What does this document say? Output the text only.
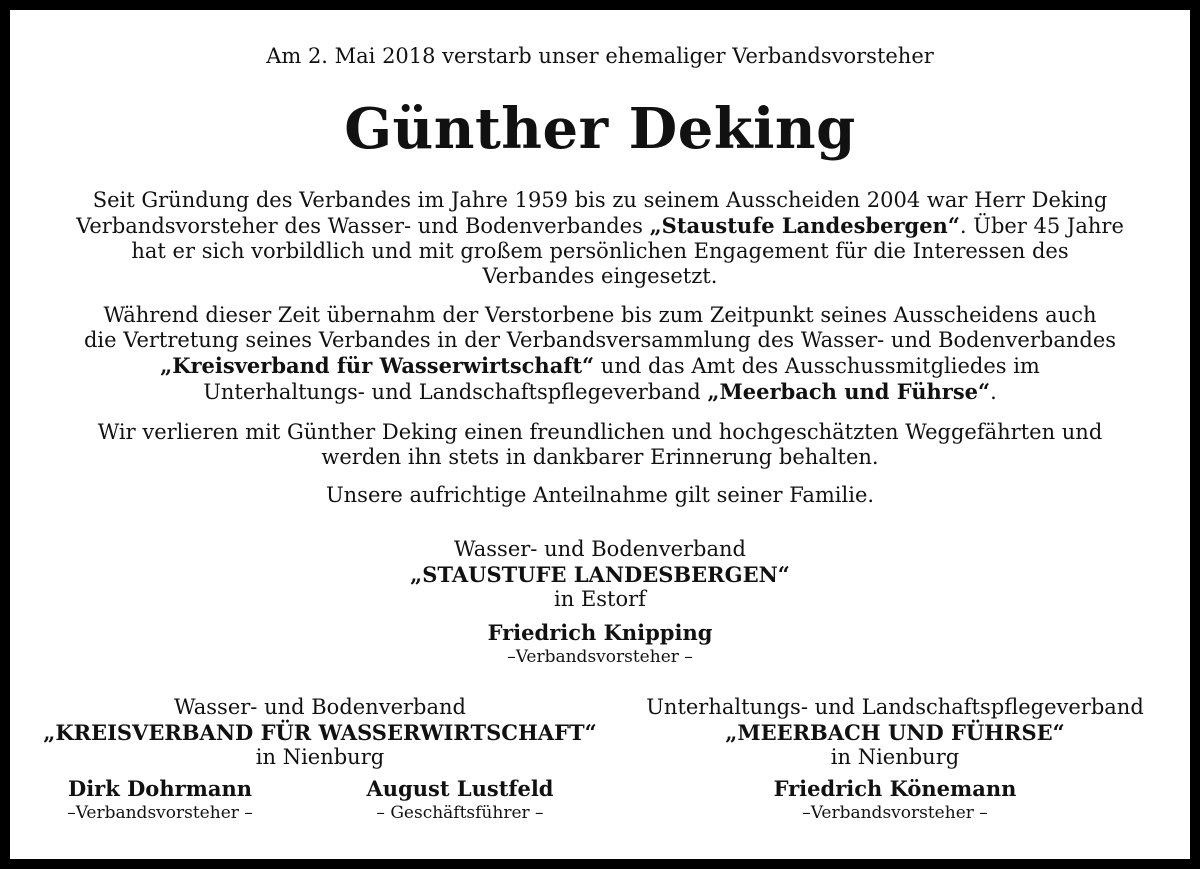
Am 2. Mai 2018 verstarb unser ehemaliger Verbandsvorsteher
Günther Deking
Seit Gründung des Verbandes im Jahre 1959 bis zu seinem Ausscheiden 2004 war Herr Deking
Verbandsvorsteher des Wasser- und Bodenverbandes „Staustufe Landesbergen“. Über 45 Jahre
hat er sich vorbildlich und mit großem persönlichen Engagement für die Interessen des
Verbandes eingesetzt.
Während dieser Zeit übernahm der Verstorbene bis zum Zeitpunkt seines Ausscheidens auch
die Vertretung seines Verbandes in der Verbandsversammlung des Wasser- und Bodenverbandes
„Kreisverband für Wasserwirtschaft“ und das Amt des Ausschussmitgliedes im
Unterhaltungs- und Landschaftspflegeverband „Meerbach und Führse“.
Wir verlieren mit Günther Deking einen freundlichen und hochgeschätzten Weggefährten und
werden ihn stets in dankbarer Erinnerung behalten.
Unsere aufrichtige Anteilnahme gilt seiner Familie.
Wasser- und Bodenverband
„STAUSTUFE LANDESBERGEN“
in Estorf
Friedrich Knipping
–Verbandsvorsteher –
Wasser- und Bodenverband
„KREISVERBAND FÜR WASSERWIRTSCHAFT“
in Nienburg
Dirk Dohrmann
–Verbandsvorsteher –
August Lustfeld
– Geschäftsführer –
Unterhaltungs- und Landschaftspflegeverband
„MEERBACH UND FÜHRSE“
in Nienburg
Friedrich Könemann
–Verbandsvorsteher –
